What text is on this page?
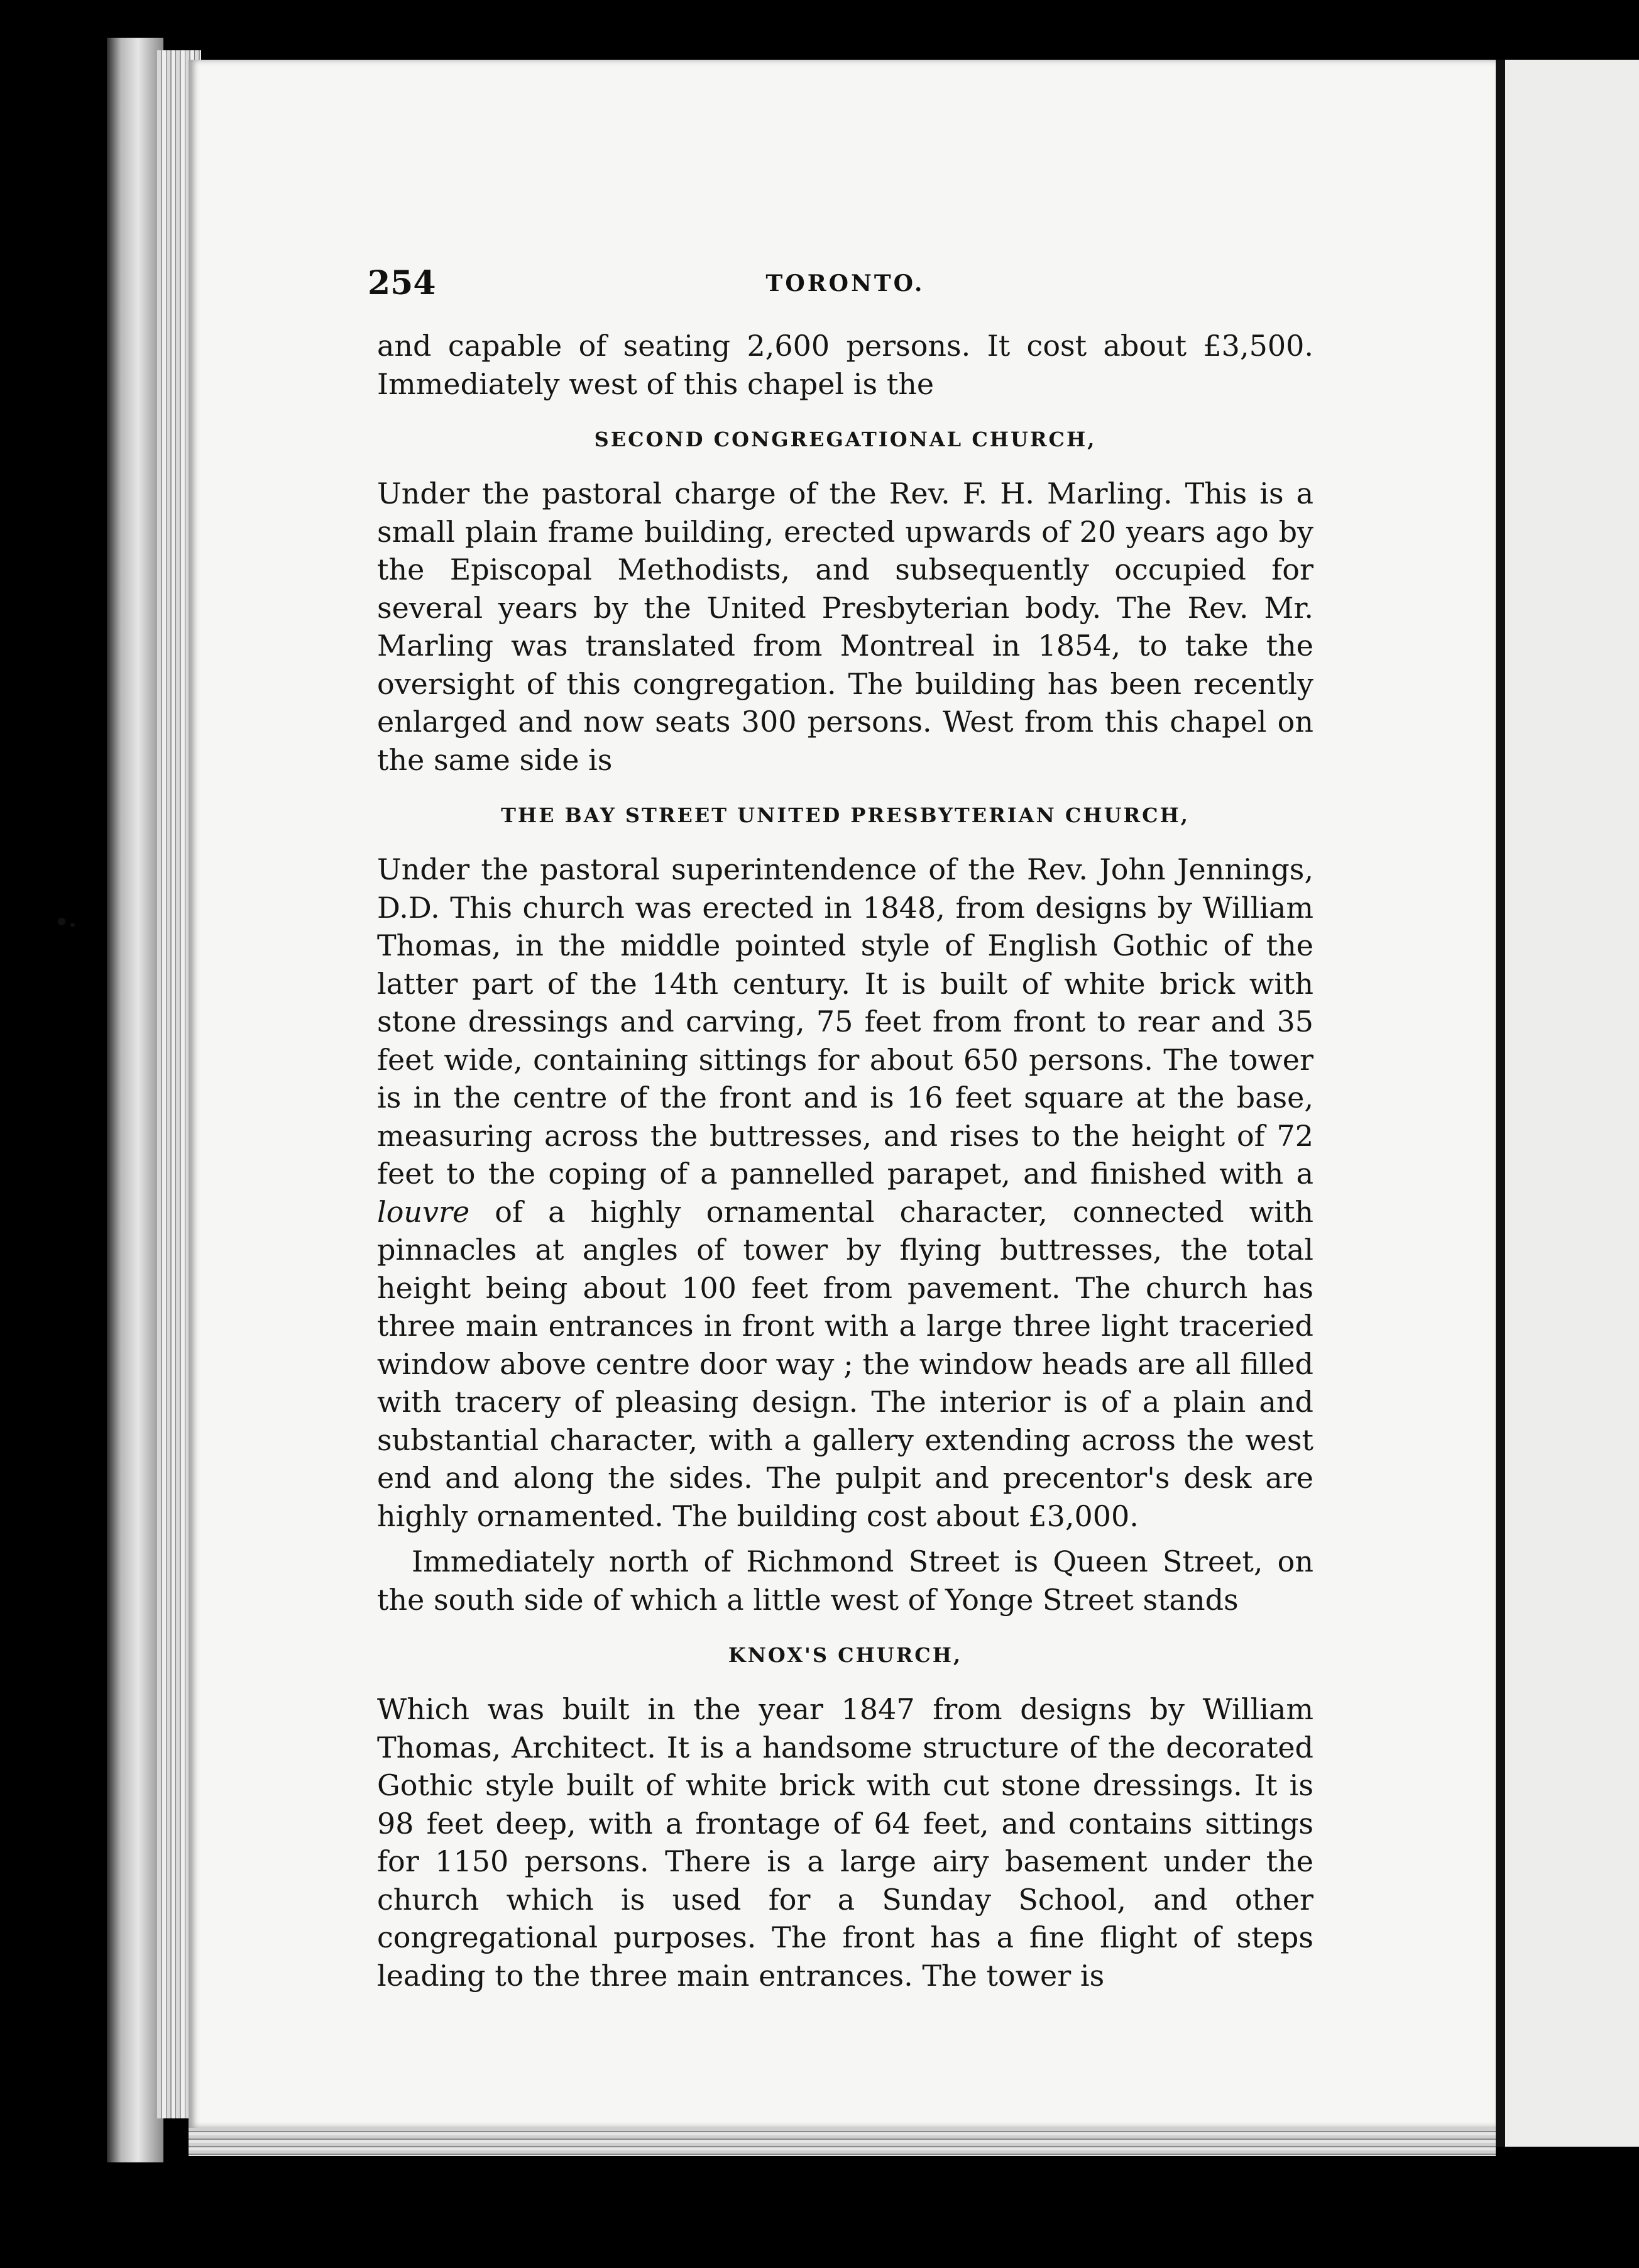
254	TORONTO.

and capable of seating 2,600 persons. It cost about £3,500. Immediately west of this chapel is the

SECOND CONGREGATIONAL CHURCH,

Under the pastoral charge of the Rev. F. H. Marling. This is a small plain frame building, erected upwards of 20 years ago by the Episcopal Methodists, and subsequently occupied for several years by the United Presbyterian body. The Rev. Mr. Marling was translated from Montreal in 1854, to take the oversight of this congregation. The building has been recently enlarged and now seats 300 persons. West from this chapel on the same side is

THE BAY STREET UNITED PRESBYTERIAN CHURCH,

Under the pastoral superintendence of the Rev. John Jennings, D.D. This church was erected in 1848, from designs by William Thomas, in the middle pointed style of English Gothic of the latter part of the 14th century. It is built of white brick with stone dressings and carving, 75 feet from front to rear and 35 feet wide, containing sittings for about 650 persons. The tower is in the centre of the front and is 16 feet square at the base, measuring across the buttresses, and rises to the height of 72 feet to the coping of a pannelled parapet, and finished with a louvre of a highly ornamental character, connected with pinnacles at angles of tower by flying buttresses, the total height being about 100 feet from pavement. The church has three main entrances in front with a large three light traceried window above centre door way ; the window heads are all filled with tracery of pleasing design. The interior is of a plain and substantial character, with a gallery extending across the west end and along the sides. The pulpit and precentor's desk are highly ornamented. The building cost about £3,000.

Immediately north of Richmond Street is Queen Street, on the south side of which a little west of Yonge Street stands

KNOX'S CHURCH,

Which was built in the year 1847 from designs by William Thomas, Architect. It is a handsome structure of the decorated Gothic style built of white brick with cut stone dressings. It is 98 feet deep, with a frontage of 64 feet, and contains sittings for 1150 persons. There is a large airy basement under the church which is used for a Sunday School, and other congregational purposes. The front has a fine flight of steps leading to the three main entrances. The tower is
